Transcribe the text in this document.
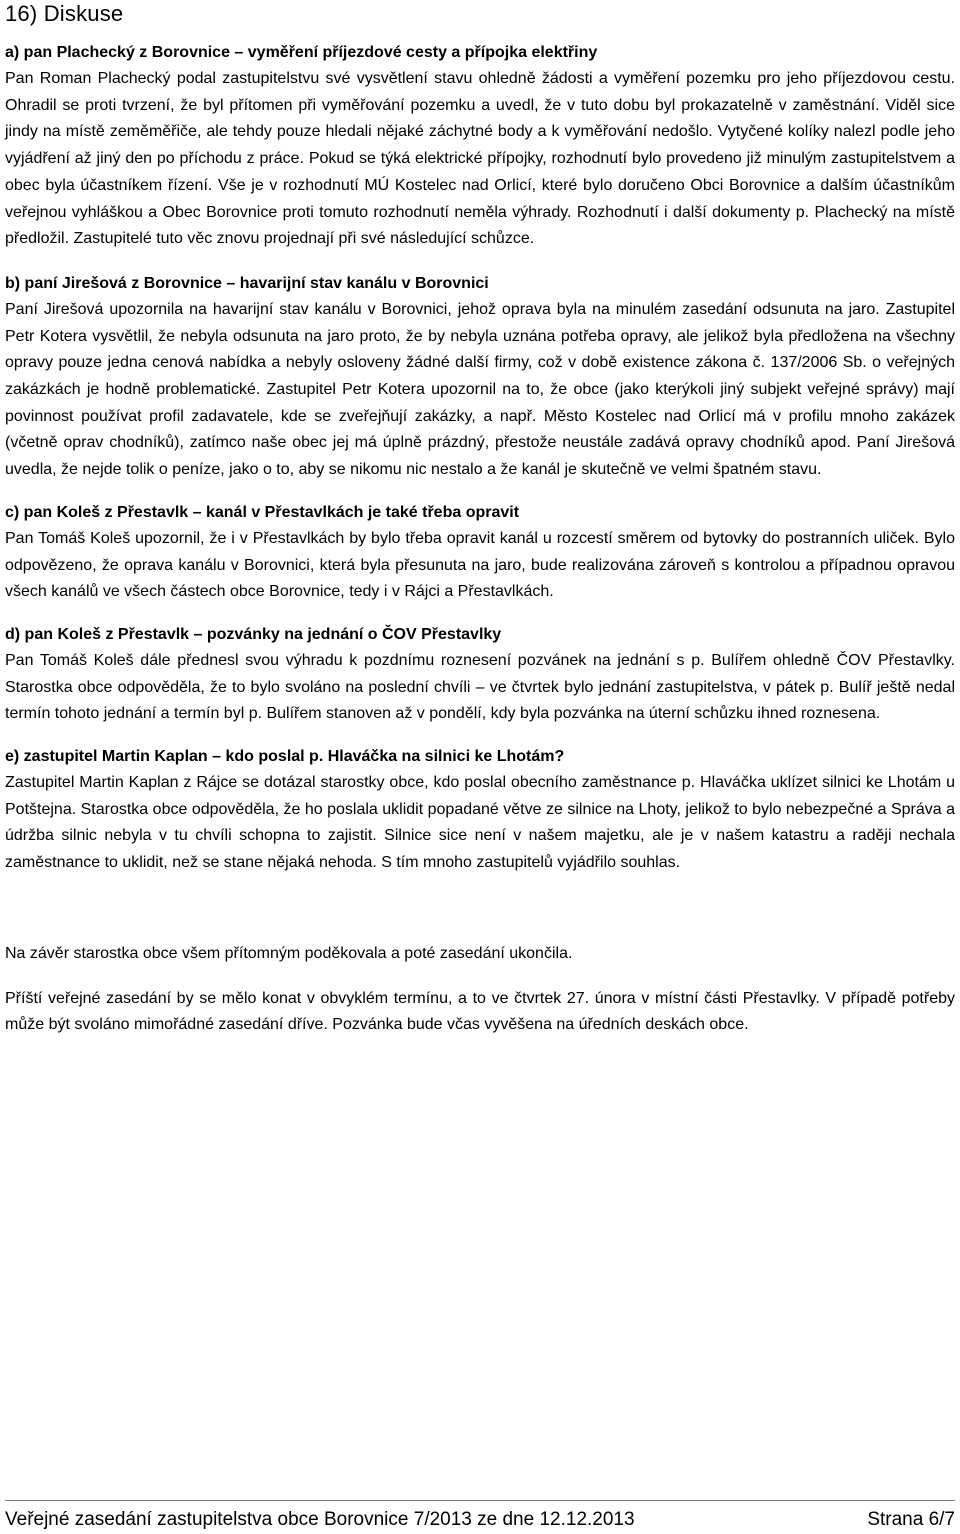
16) Diskuse

a) pan Plachecký z Borovnice – vyměření příjezdové cesty a přípojka elektřiny

Pan Roman Plachecký podal zastupitelstvu své vysvětlení stavu ohledně žádosti a vyměření pozemku pro jeho příjezdovou cestu. Ohradil se proti tvrzení, že byl přítomen při vyměřování pozemku a uvedl, že v tuto dobu byl prokazatelně v zaměstnání. Viděl sice jindy na místě zeměměřiče, ale tehdy pouze hledali nějaké záchytné body a k vyměřování nedošlo. Vytyčené kolíky nalezl podle jeho vyjádření až jiný den po příchodu z práce. Pokud se týká elektrické přípojky, rozhodnutí bylo provedeno již minulým zastupitelstvem a obec byla účastníkem řízení. Vše je v rozhodnutí MÚ Kostelec nad Orlicí, které bylo doručeno Obci Borovnice a dalším účastníkům veřejnou vyhláškou a Obec Borovnice proti tomuto rozhodnutí neměla výhrady. Rozhodnutí i další dokumenty p. Plachecký na místě předložil. Zastupitelé tuto věc znovu projednají při své následující schůzce.

b) paní Jirešová z Borovnice – havarijní stav kanálu v Borovnici

Paní Jirešová upozornila na havarijní stav kanálu v Borovnici, jehož oprava byla na minulém zasedání odsunuta na jaro. Zastupitel Petr Kotera vysvětlil, že nebyla odsunuta na jaro proto, že by nebyla uznána potřeba opravy, ale jelikož byla předložena na všechny opravy pouze jedna cenová nabídka a nebyly osloveny žádné další firmy, což v době existence zákona č. 137/2006 Sb. o veřejných zakázkách je hodně problematické. Zastupitel Petr Kotera upozornil na to, že obce (jako kterýkoli jiný subjekt veřejné správy) mají povinnost používat profil zadavatele, kde se zveřejňují zakázky, a např. Město Kostelec nad Orlicí má v profilu mnoho zakázek (včetně oprav chodníků), zatímco naše obec jej má úplně prázdný, přestože neustále zadává opravy chodníků apod. Paní Jirešová uvedla, že nejde tolik o peníze, jako o to, aby se nikomu nic nestalo a že kanál je skutečně ve velmi špatném stavu.

c) pan Koleš z Přestavlk – kanál v Přestavlkách je také třeba opravit

Pan Tomáš Koleš upozornil, že i v Přestavlkách by bylo třeba opravit kanál u rozcestí směrem od bytovky do postranních uliček. Bylo odpovězeno, že oprava kanálu v Borovnici, která byla přesunuta na jaro, bude realizována zároveň s kontrolou a případnou opravou všech kanálů ve všech částech obce Borovnice, tedy i v Rájci a Přestavlkách.

d) pan Koleš z Přestavlk – pozvánky na jednání o ČOV Přestavlky

Pan Tomáš Koleš dále přednesl svou výhradu k pozdnímu roznesení pozvánek na jednání s p. Bulířem ohledně ČOV Přestavlky. Starostka obce odpověděla, že to bylo svoláno na poslední chvíli – ve čtvrtek bylo jednání zastupitelstva, v pátek p. Bulíř ještě nedal termín tohoto jednání a termín byl p. Bulířem stanoven až v pondělí, kdy byla pozvánka na úterní schůzku ihned roznesena.

e) zastupitel Martin Kaplan – kdo poslal p. Hlaváčka na silnici ke Lhotám?

Zastupitel Martin Kaplan z Rájce se dotázal starostky obce, kdo poslal obecního zaměstnance p. Hlaváčka uklízet silnici ke Lhotám u Potštejna. Starostka obce odpověděla, že ho poslala uklidit popadané větve ze silnice na Lhoty, jelikož to bylo nebezpečné a Správa a údržba silnic nebyla v tu chvíli schopna to zajistit. Silnice sice není v našem majetku, ale je v našem katastru a raději nechala zaměstnance to uklidit, než se stane nějaká nehoda. S tím mnoho zastupitelů vyjádřilo souhlas.

Na závěr starostka obce všem přítomným poděkovala a poté zasedání ukončila.

Příští veřejné zasedání by se mělo konat v obvyklém termínu, a to ve čtvrtek 27. února v místní části Přestavlky. V případě potřeby může být svoláno mimořádné zasedání dříve. Pozvánka bude včas vyvěšena na úředních deskách obce.

Veřejné zasedání zastupitelstva obce Borovnice 7/2013 ze dne 12.12.2013	Strana 6/7
